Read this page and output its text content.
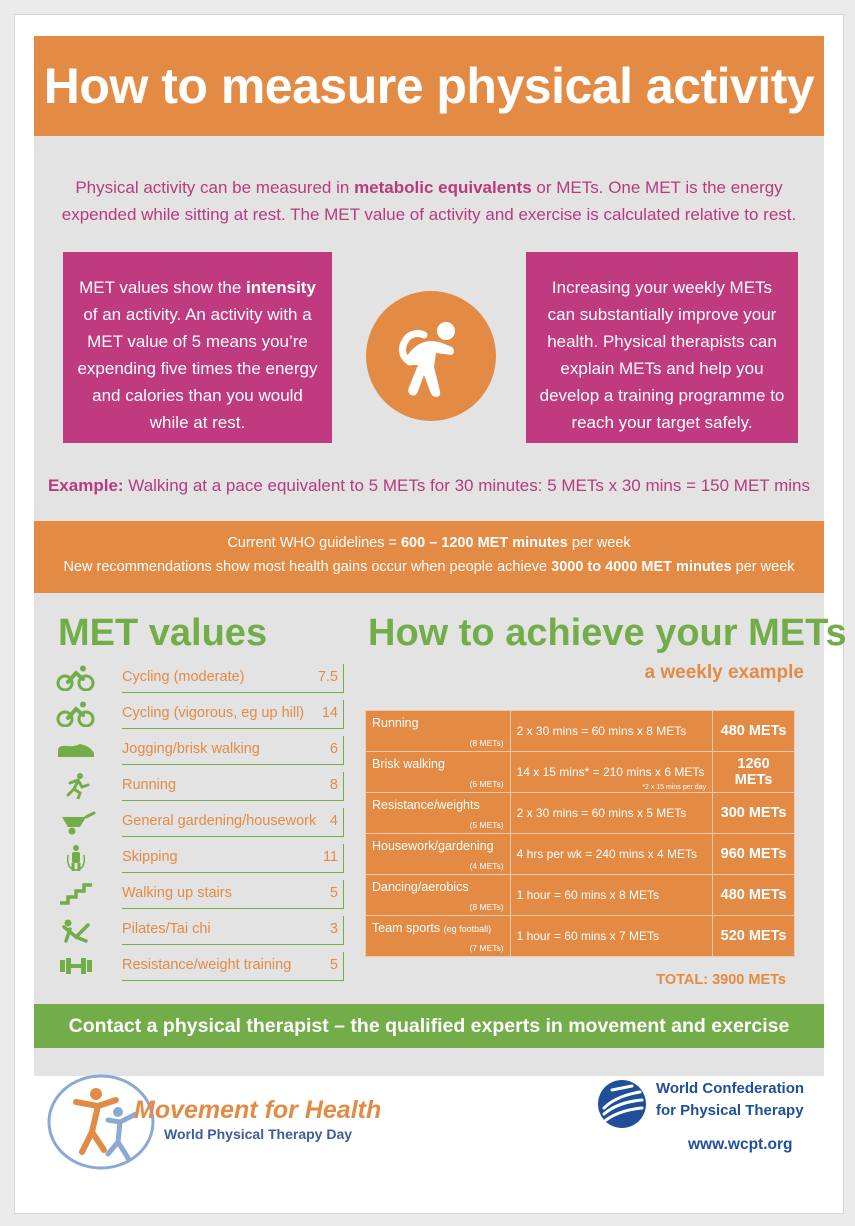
How to measure physical activity
Physical activity can be measured in metabolic equivalents or METs. One MET is the energy expended while sitting at rest. The MET value of activity and exercise is calculated relative to rest.
MET values show the intensity of an activity. An activity with a MET value of 5 means you’re expending five times the energy and calories than you would while at rest.
Increasing your weekly METs can substantially improve your health. Physical therapists can explain METs and help you develop a training programme to reach your target safely.
Example: Walking at a pace equivalent to 5 METs for 30 minutes: 5 METs x 30 mins = 150 MET mins
Current WHO guidelines = 600 – 1200 MET minutes per week
New recommendations show most health gains occur when people achieve 3000 to 4000 MET minutes per week
MET values
Cycling (moderate)	7.5
Cycling (vigorous, eg up hill) 14
Jogging/brisk walking	6
Running	8
General gardening/housework 4
Skipping	11
Walking up stairs	5
Pilates/Tai chi	3
Resistance/weight training	5
How to achieve your METs
a weekly example
Running
(8 METs)	2 x 30 mins = 60 mins x 8 METs	480 METs

Brisk walking
(6 METs)	14 x 15 mins* = 210 mins x 6 METs
*2 x 15 mins per day	1260 METs

Resistance/weights
(5 METs)	2 x 30 mins = 60 mins x 5 METs	300 METs

Housework/gardening
(4 METs)	4 hrs per wk = 240 mins x 4 METs	960 METs

Dancing/aerobics
(8 METs)	1 hour = 60 mins x 8 METs	480 METs

Team sports (eg football)
(7 METs)	1 hour = 60 mins x 7 METs	520 METs
TOTAL: 3900 METs
Contact a physical therapist – the qualified experts in movement and exercise
Movement for Health
World Physical Therapy Day
World Confederation
for Physical Therapy
www.wcpt.org
